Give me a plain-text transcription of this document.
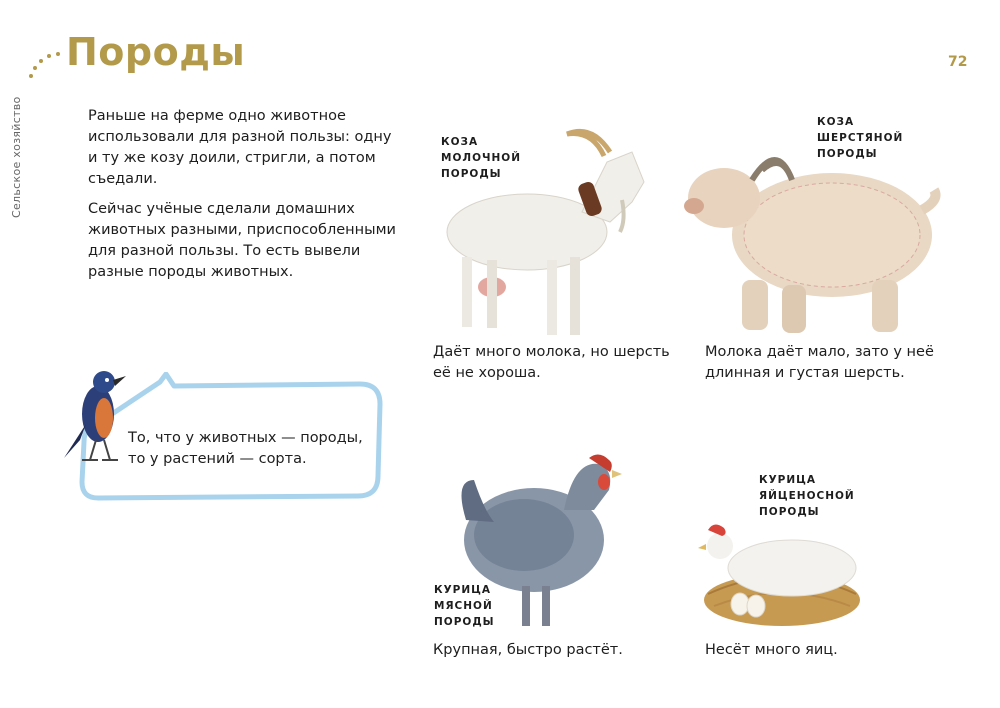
Породы	72
Сельское хозяйство	Раньше на ферме одно животное использовали для разной пользы: одну и ту же козу доили, стригли, а потом съедали.

Сейчас учёные сделали домашних животных разными, приспособленными для разной пользы. То есть вывели разные породы животных.

То, что у животных — породы, то у растений — сорта.
КОЗА
МОЛОЧНОЙ
ПОРОДЫ
Даёт много молока, но шерсть её не хороша.
КОЗА
ШЕРСТЯНОЙ
ПОРОДЫ
Молока даёт мало, зато у неё длинная и густая шерсть.
КУРИЦА
МЯСНОЙ
ПОРОДЫ
Крупная, быстро растёт.
КУРИЦА
ЯЙЦЕНОСНОЙ
ПОРОДЫ
Несёт много яиц.
